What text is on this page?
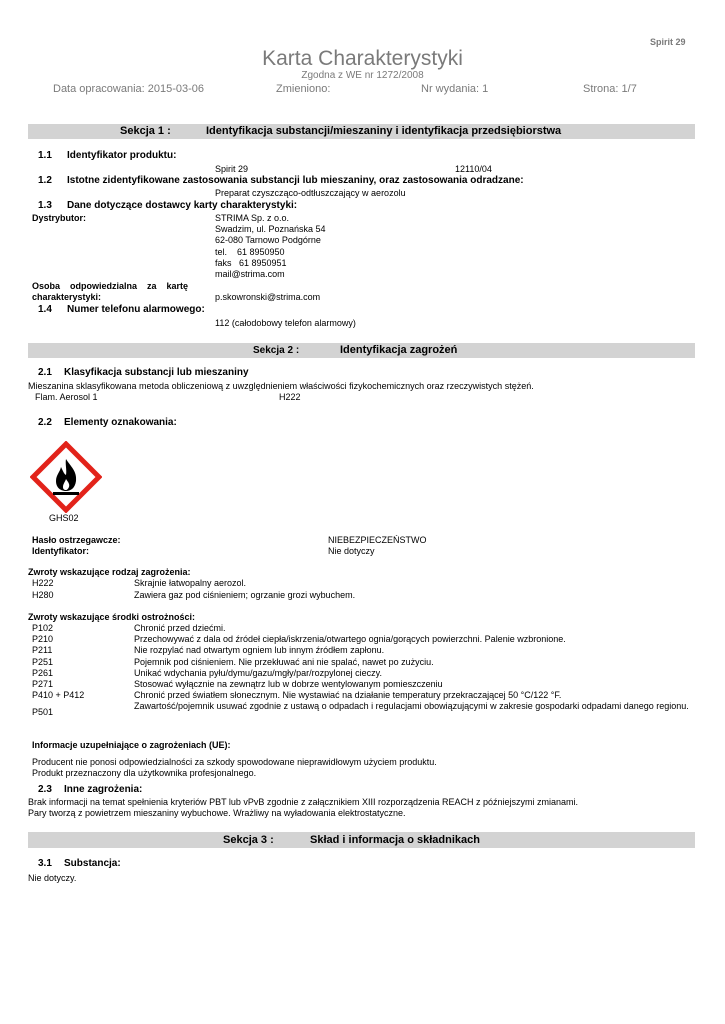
Spirit 29
Karta Charakterystyki
Zgodna z WE nr 1272/2008
Data opracowania: 2015-03-06	Zmieniono:	Nr wydania: 1	Strona: 1/7
Sekcja 1 :	Identyfikacja substancji/mieszaniny i identyfikacja przedsiębiorstwa
1.1 Identyfikator produktu:
Spirit 29	12110/04
1.2 Istotne zidentyfikowane zastosowania substancji lub mieszaniny, oraz zastosowania odradzane:
Preparat czyszcząco-odtłuszczający w aerozolu
1.3 Dane dotyczące dostawcy karty charakterystyki:
Dystrybutor:	STRIMA Sp. z o.o.
Swadzim, ul. Poznańska 54
62-080 Tarnowo Podgórne
tel.    61 8950950
faks   61 8950951
mail@strima.com
Osoba    odpowiedzialna    za    kartę
charakterystyki:	p.skowronski@strima.com
1.4 Numer telefonu alarmowego:
112 (całodobowy telefon alarmowy)
Sekcja 2 :	Identyfikacja zagrożeń
2.1 Klasyfikacja substancji lub mieszaniny
Mieszanina sklasyfikowana metoda obliczeniową z uwzględnieniem właściwości fizykochemicznych oraz rzeczywistych stężeń.
Flam. Aerosol 1	H222
2.2 Elementy oznakowania:
GHS02
Hasło ostrzegawcze:	NIEBEZPIECZEŃSTWO
Identyfikator:	Nie dotyczy
Zwroty wskazujące rodzaj zagrożenia:
H222	Skrajnie łatwopalny aerozol.
H280	Zawiera gaz pod ciśnieniem; ogrzanie grozi wybuchem.
Zwroty wskazujące środki ostrożności:
P102	Chronić przed dziećmi.
P210	Przechowywać z dala od źródeł ciepła/iskrzenia/otwartego ognia/gorących powierzchni. Palenie wzbronione.
P211	Nie rozpylać nad otwartym ogniem lub innym źródłem zapłonu.
P251	Pojemnik pod ciśnieniem. Nie przekłuwać ani nie spalać, nawet po zużyciu.
P261	Unikać wdychania pyłu/dymu/gazu/mgły/par/rozpylonej cieczy.
P271	Stosować wyłącznie na zewnątrz lub w dobrze wentylowanym pomieszczeniu
P410 + P412	Chronić przed światłem słonecznym. Nie wystawiać na działanie temperatury przekraczającej 50 °C/122 °F.
P501
Zawartość/pojemnik usuwać zgodnie z ustawą o odpadach i regulacjami obowiązującymi w zakresie gospodarki odpadami danego regionu.
Informacje uzupełniające o zagrożeniach (UE):
Producent nie ponosi odpowiedzialności za szkody spowodowane nieprawidłowym użyciem produktu.
Produkt przeznaczony dla użytkownika profesjonalnego.
2.3 Inne zagrożenia:
Brak informacji na temat spełnienia kryteriów PBT lub vPvB zgodnie z załącznikiem XIII rozporządzenia REACH z późniejszymi zmianami.
Pary tworzą z powietrzem mieszaniny wybuchowe. Wrażliwy na wyładowania elektrostatyczne.
Sekcja 3 :	Skład i informacja o składnikach
3.1 Substancja:
Nie dotyczy.
